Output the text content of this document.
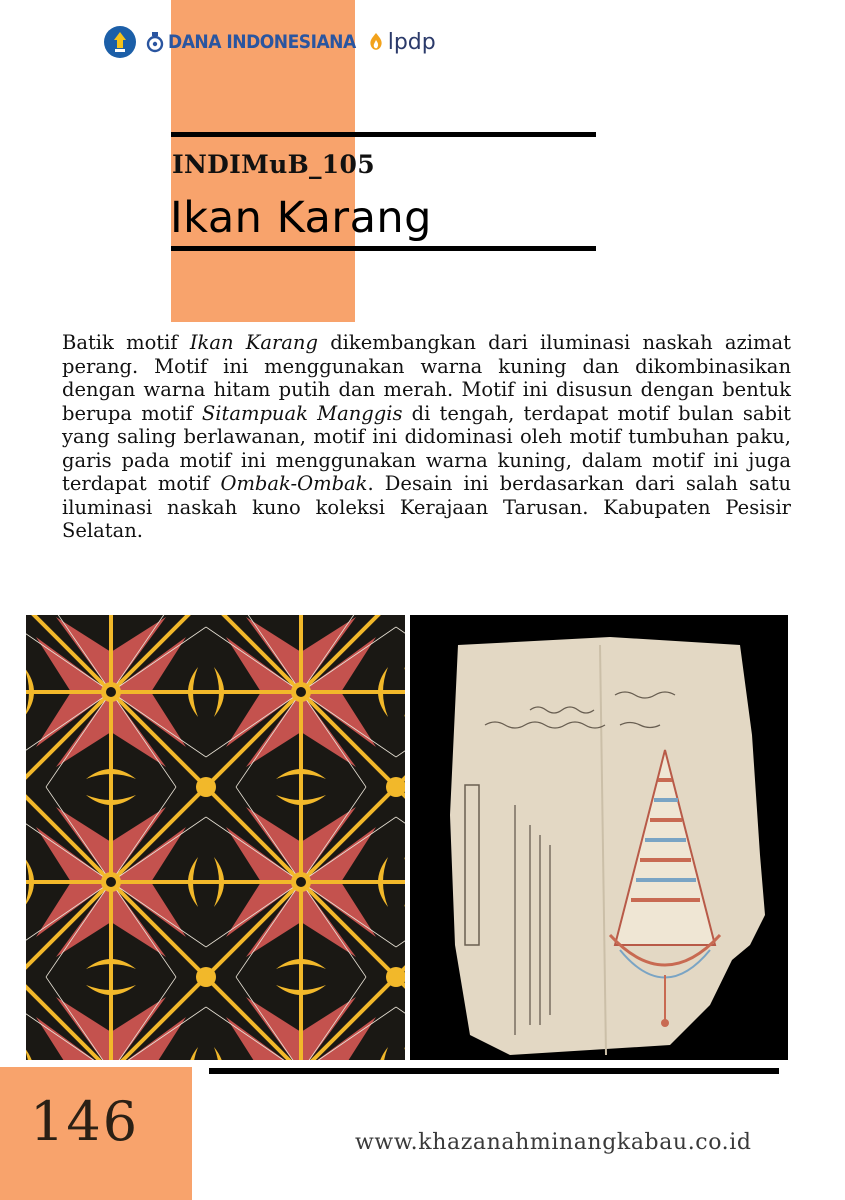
DANA INDONESIANA lpdp
INDIMuB_105
Ikan Karang

Batik motif Ikan Karang dikembangkan dari iluminasi naskah azimat perang. Motif ini menggunakan warna kuning dan dikombinasikan dengan warna hitam putih dan merah. Motif ini disusun dengan bentuk berupa motif Sitampuak Manggis di tengah, terdapat motif bulan sabit yang saling berlawanan, motif ini didominasi oleh motif tumbuhan paku, garis pada motif ini menggunakan warna kuning, dalam motif ini juga terdapat motif Ombak-Ombak. Desain ini berdasarkan dari salah satu iluminasi naskah kuno koleksi Kerajaan Tarusan. Kabupaten Pesisir Selatan.

146	www.khazanahminangkabau.co.id
